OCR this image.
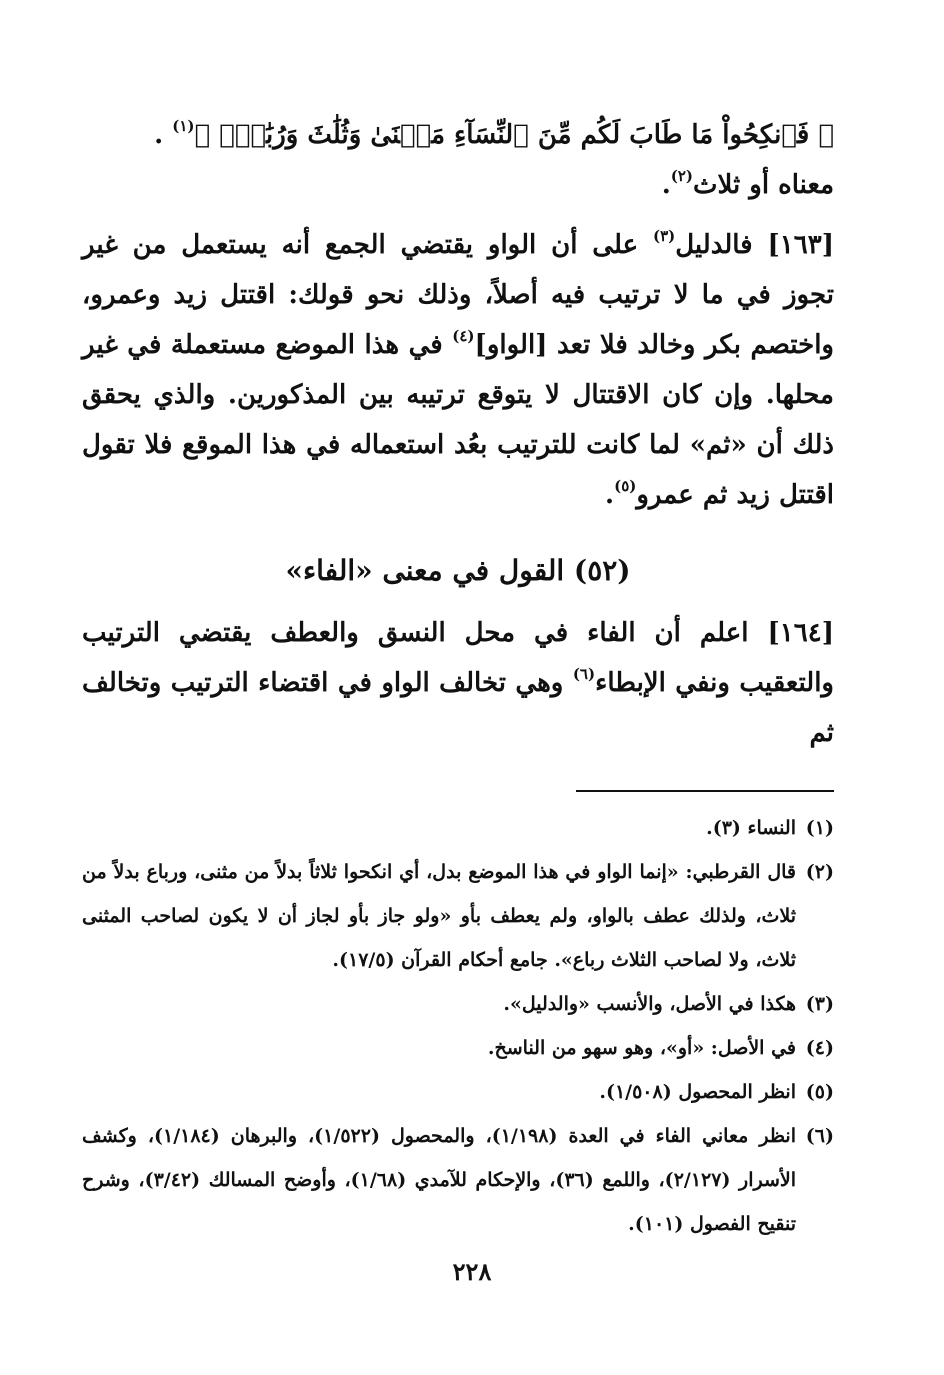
﴿ فَٱنكِحُواْ مَا طَابَ لَكُم مِّنَ ٱلنِّسَآءِ مَثۡنَىٰ وَثُلَٰثَ وَرُبَٰعَۖ ﴾$^{(١)}$ .

معناه أو ثلاث$^{(٢)}$.

[١٦٣] فالدليل$^{(٣)}$ على أن الواو يقتضي الجمع أنه يستعمل من غير تجوز في ما لا ترتيب فيه أصلاً، وذلك نحو قولك: اقتتل زيد وعمرو، واختصم بكر وخالد فلا تعد [الواو]$^{(٤)}$ في هذا الموضع مستعملة في غير محلها. وإن كان الاقتتال لا يتوقع ترتيبه بين المذكورين. والذي يحقق ذلك أن «ثم» لما كانت للترتيب بعُد استعماله في هذا الموقع فلا تقول اقتتل زيد ثم عمرو$^{(٥)}$.

(٥٢) القول في معنى «الفاء»

[١٦٤] اعلم أن الفاء في محل النسق والعطف يقتضي الترتيب والتعقيب ونفي الإبطاء$^{(٦)}$ وهي تخالف الواو في اقتضاء الترتيب وتخالف ثم

(١)
النساء (٣).

(٢)
قال القرطبي: «إنما الواو في هذا الموضع بدل، أي انكحوا ثلاثاً بدلاً من مثنى، ورباع بدلاً من ثلاث، ولذلك عطف بالواو، ولم يعطف بأو «ولو جاز بأو لجاز أن لا يكون لصاحب المثنى ثلاث، ولا لصاحب الثلاث رباع». جامع أحكام القرآن (١٧/٥).

(٣)
هكذا في الأصل، والأنسب «والدليل».

(٤)
في الأصل: «أو»، وهو سهو من الناسخ.

(٥)
انظر المحصول (١/٥٠٨).

(٦)
انظر معاني الفاء في العدة (١/١٩٨)، والمحصول (١/٥٢٢)، والبرهان (١/١٨٤)، وكشف الأسرار (٢/١٢٧)، واللمع (٣٦)، والإحكام للآمدي (١/٦٨)، وأوضح المسالك (٣/٤٢)، وشرح تنقيح الفصول (١٠١).

٢٢٨
